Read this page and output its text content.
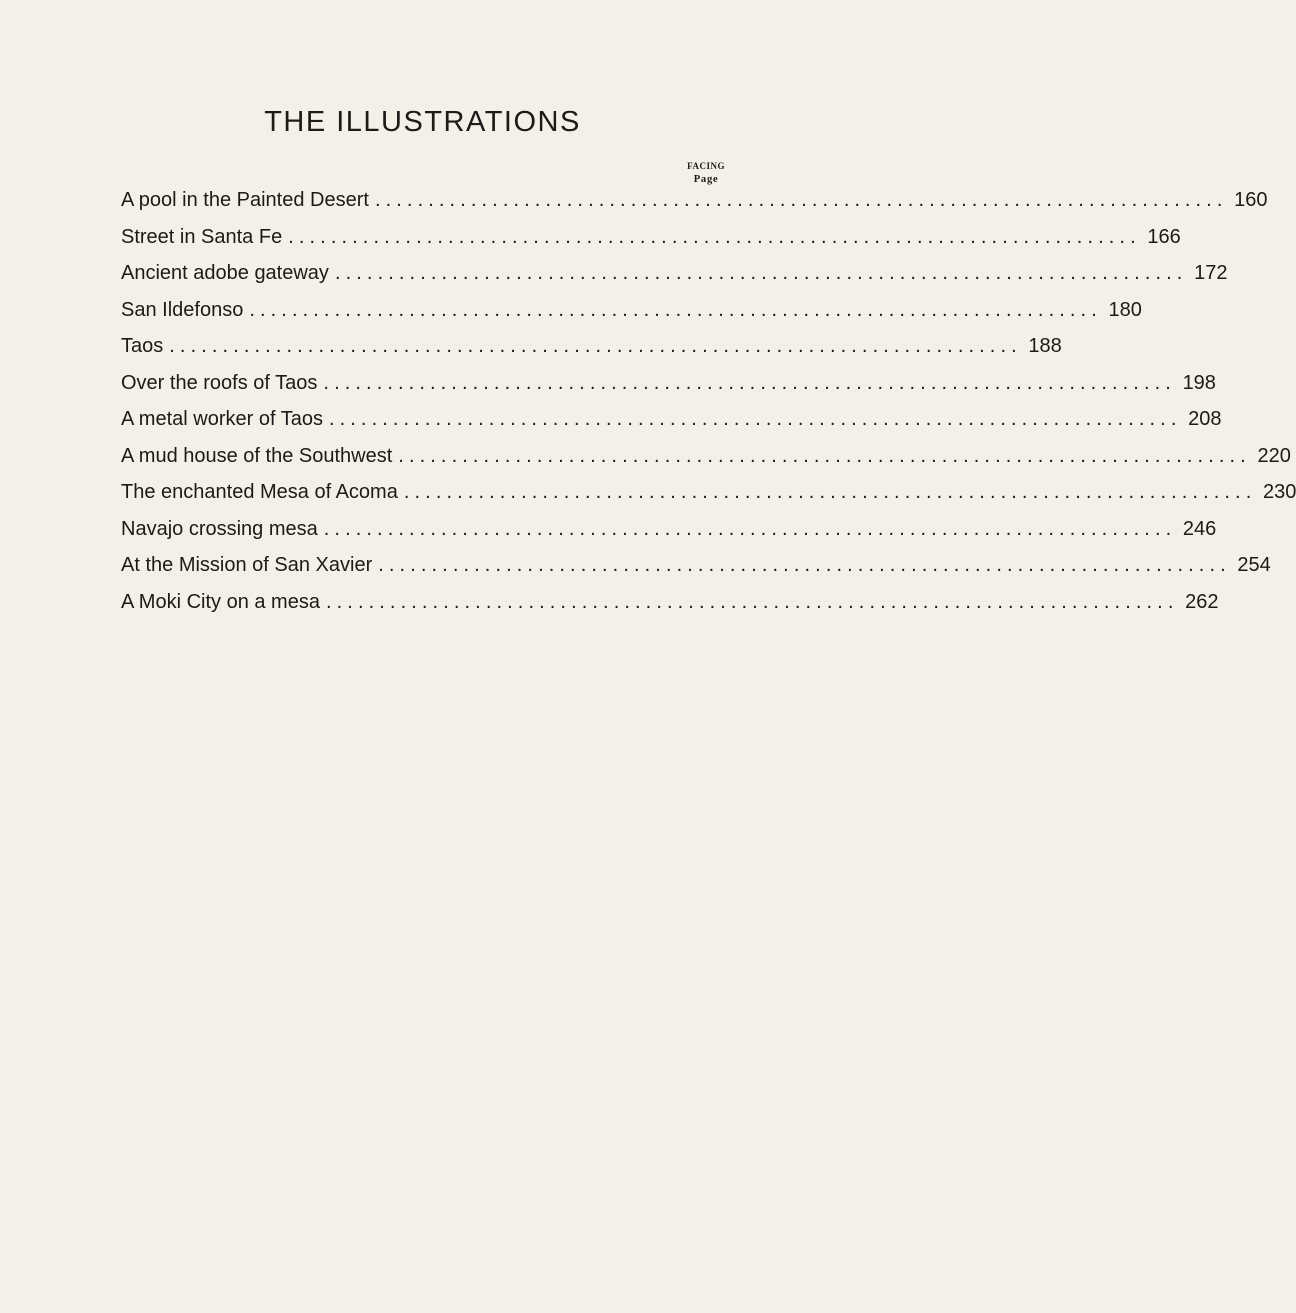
THE ILLUSTRATIONS
FACING
Page
A pool in the Painted Desert ................................................................................ 160
Street in Santa Fe ................................................................................ 166
Ancient adobe gateway ................................................................................ 172
San Ildefonso ................................................................................ 180
Taos ................................................................................ 188
Over the roofs of Taos ................................................................................ 198
A metal worker of Taos ................................................................................ 208
A mud house of the Southwest ................................................................................ 220
The enchanted Mesa of Acoma ................................................................................ 230
Navajo crossing mesa ................................................................................ 246
At the Mission of San Xavier ................................................................................ 254
A Moki City on a mesa ................................................................................ 262
